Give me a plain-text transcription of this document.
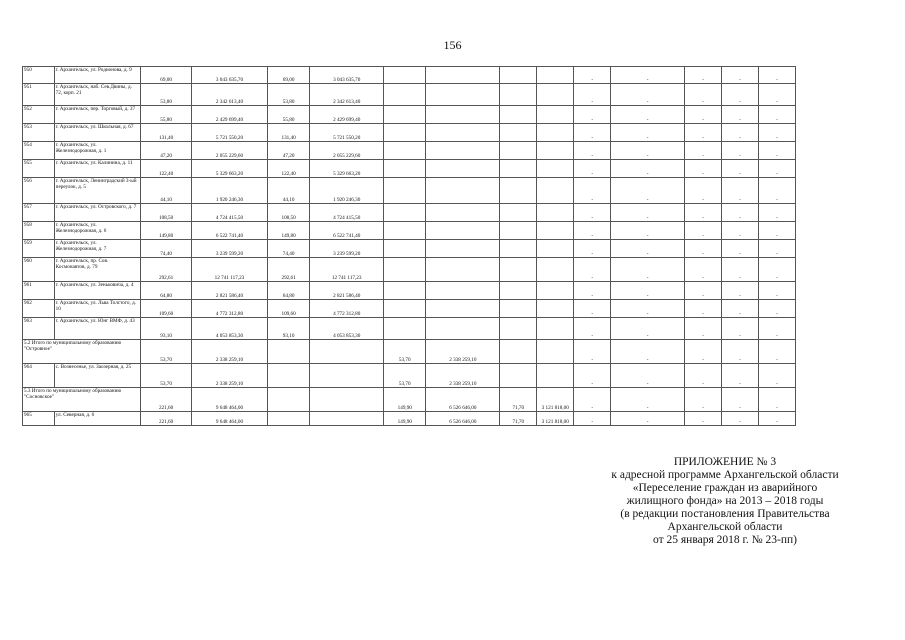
156
950	г. Архангельск, ул. Родионова, д. 9	69,00	3 043 635,70	69,00	3 043 635,70					-	-	-	-	-
951	г. Архангельск, наб. Сев.Двины, д. 72, корп. 21	53,80	2 342 613,40	53,80	2 342 613,40					-	-	-	-	-
952	г. Архангельск, пер. Торговый, д. 37	55,80	2 429 699,40	55,80	2 429 699,40					-	-	-	-	-
953	г. Архангельск, ул. Школьная, д. 67	131,40	5 721 550,20	131,40	5 721 550,20					-	-	-	-	-
954	г. Архангельск, ул. Железнодорожная, д. 1	47,20	2 055 229,60	47,20	2 055 229,60					-	-	-	-	-
955	г. Архангельск, ул. Калинина, д. 11	122,40	5 329 663,20	122,40	5 329 663,20					-	-	-	-	-
956	г. Архангельск, Ленинградский 3-ый переулок, д. 5	44,10	1 920 246,30	44,10	1 920 246,30					-	-	-	-	-
957	г. Архангельск, ул. Островского, д. 7	108,50	4 724 415,50	108,50	4 724 415,50					-	-	-	-	-
958	г. Архангельск, ул. Железнодорожная, д. 6	149,80	6 522 741,40	149,80	6 522 741,40					-	-	-	-	-
959	г. Архангельск, ул. Железнодорожная, д. 7	74,40	3 239 599,20	74,40	3 239 599,20					-	-	-	-	-
960	г. Архангельск, пр. Сов. Космонавтов, д. 79	292,61	12 741 117,23	292,61	12 741 117,23					-	-	-	-	-
961	г. Архангельск, ул. Зеньковича, д. 4	64,80	2 821 586,40	64,80	2 821 586,40					-	-	-	-	-
962	г. Архангельск, ул. Льва Толстого, д. 10	109,60	4 772 312,80	109,60	4 772 312,80					-	-	-	-	-
963	г. Архангельск, ул. Юнг ВМФ, д. 43	93,10	4 053 853,30	93,10	4 053 853,30					-	-	-	-	-
5.2 Итого по муниципальному образованию "Островное"		53,70	2 338 259,10			53,70	2 338 259,10			-	-	-	-	-
964	с. Вознесенье, ул. Заозерная, д. 25	53,70	2 338 259,10			53,70	2 338 259,10			-	-	-	-	-
5.3 Итого по муниципальному образованию "Сосновское"		221,60	9 648 464,00			149,90	6 526 646,00	71,70	3 121 818,00	-	-	-	-	-
965	ул. Северная, д. 6	221,60	9 648 464,00			149,90	6 526 646,00	71,70	3 121 818,00	-	-	-	-	-
ПРИЛОЖЕНИЕ № 3
к адресной программе Архангельской области
«Переселение граждан из аварийного
жилищного фонда» на 2013 – 2018 годы
(в редакции постановления Правительства
Архангельской области
от 25 января 2018 г. № 23-пп)
